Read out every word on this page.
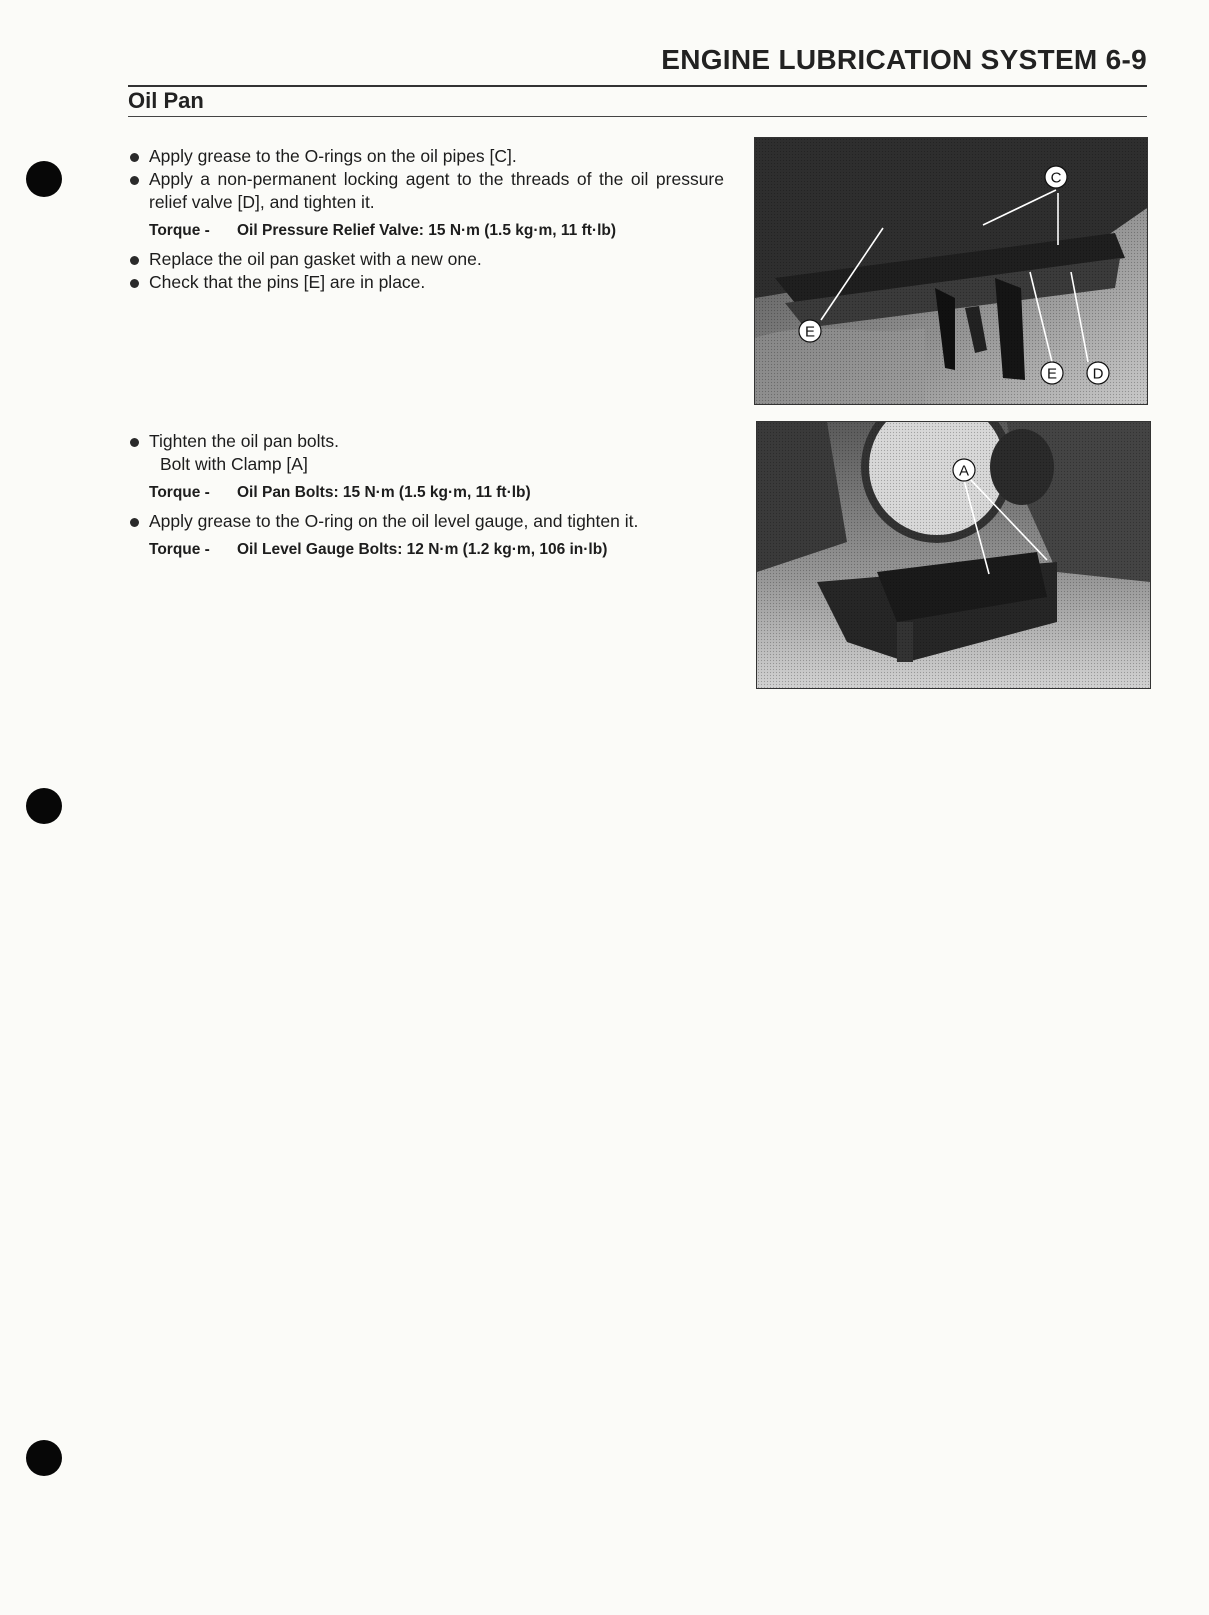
ENGINE LUBRICATION SYSTEM 6-9
Oil Pan

Apply grease to the O-rings on the oil pipes [C].

Apply a non-permanent locking agent to the threads of the oil pressure relief valve [D], and tighten it.

Torque - Oil Pressure Relief Valve: 15 N·m (1.5 kg·m, 11 ft·lb)

Replace the oil pan gasket with a new one.

Check that the pins [E] are in place.

Tighten the oil pan bolts.

Bolt with Clamp [A]
Torque - Oil Pan Bolts: 15 N·m (1.5 kg·m, 11 ft·lb)

Apply grease to the O-ring on the oil level gauge, and tighten it.

Torque - Oil Level Gauge Bolts: 12 N·m (1.2 kg·m, 106 in·lb)
C
E
E D
A
